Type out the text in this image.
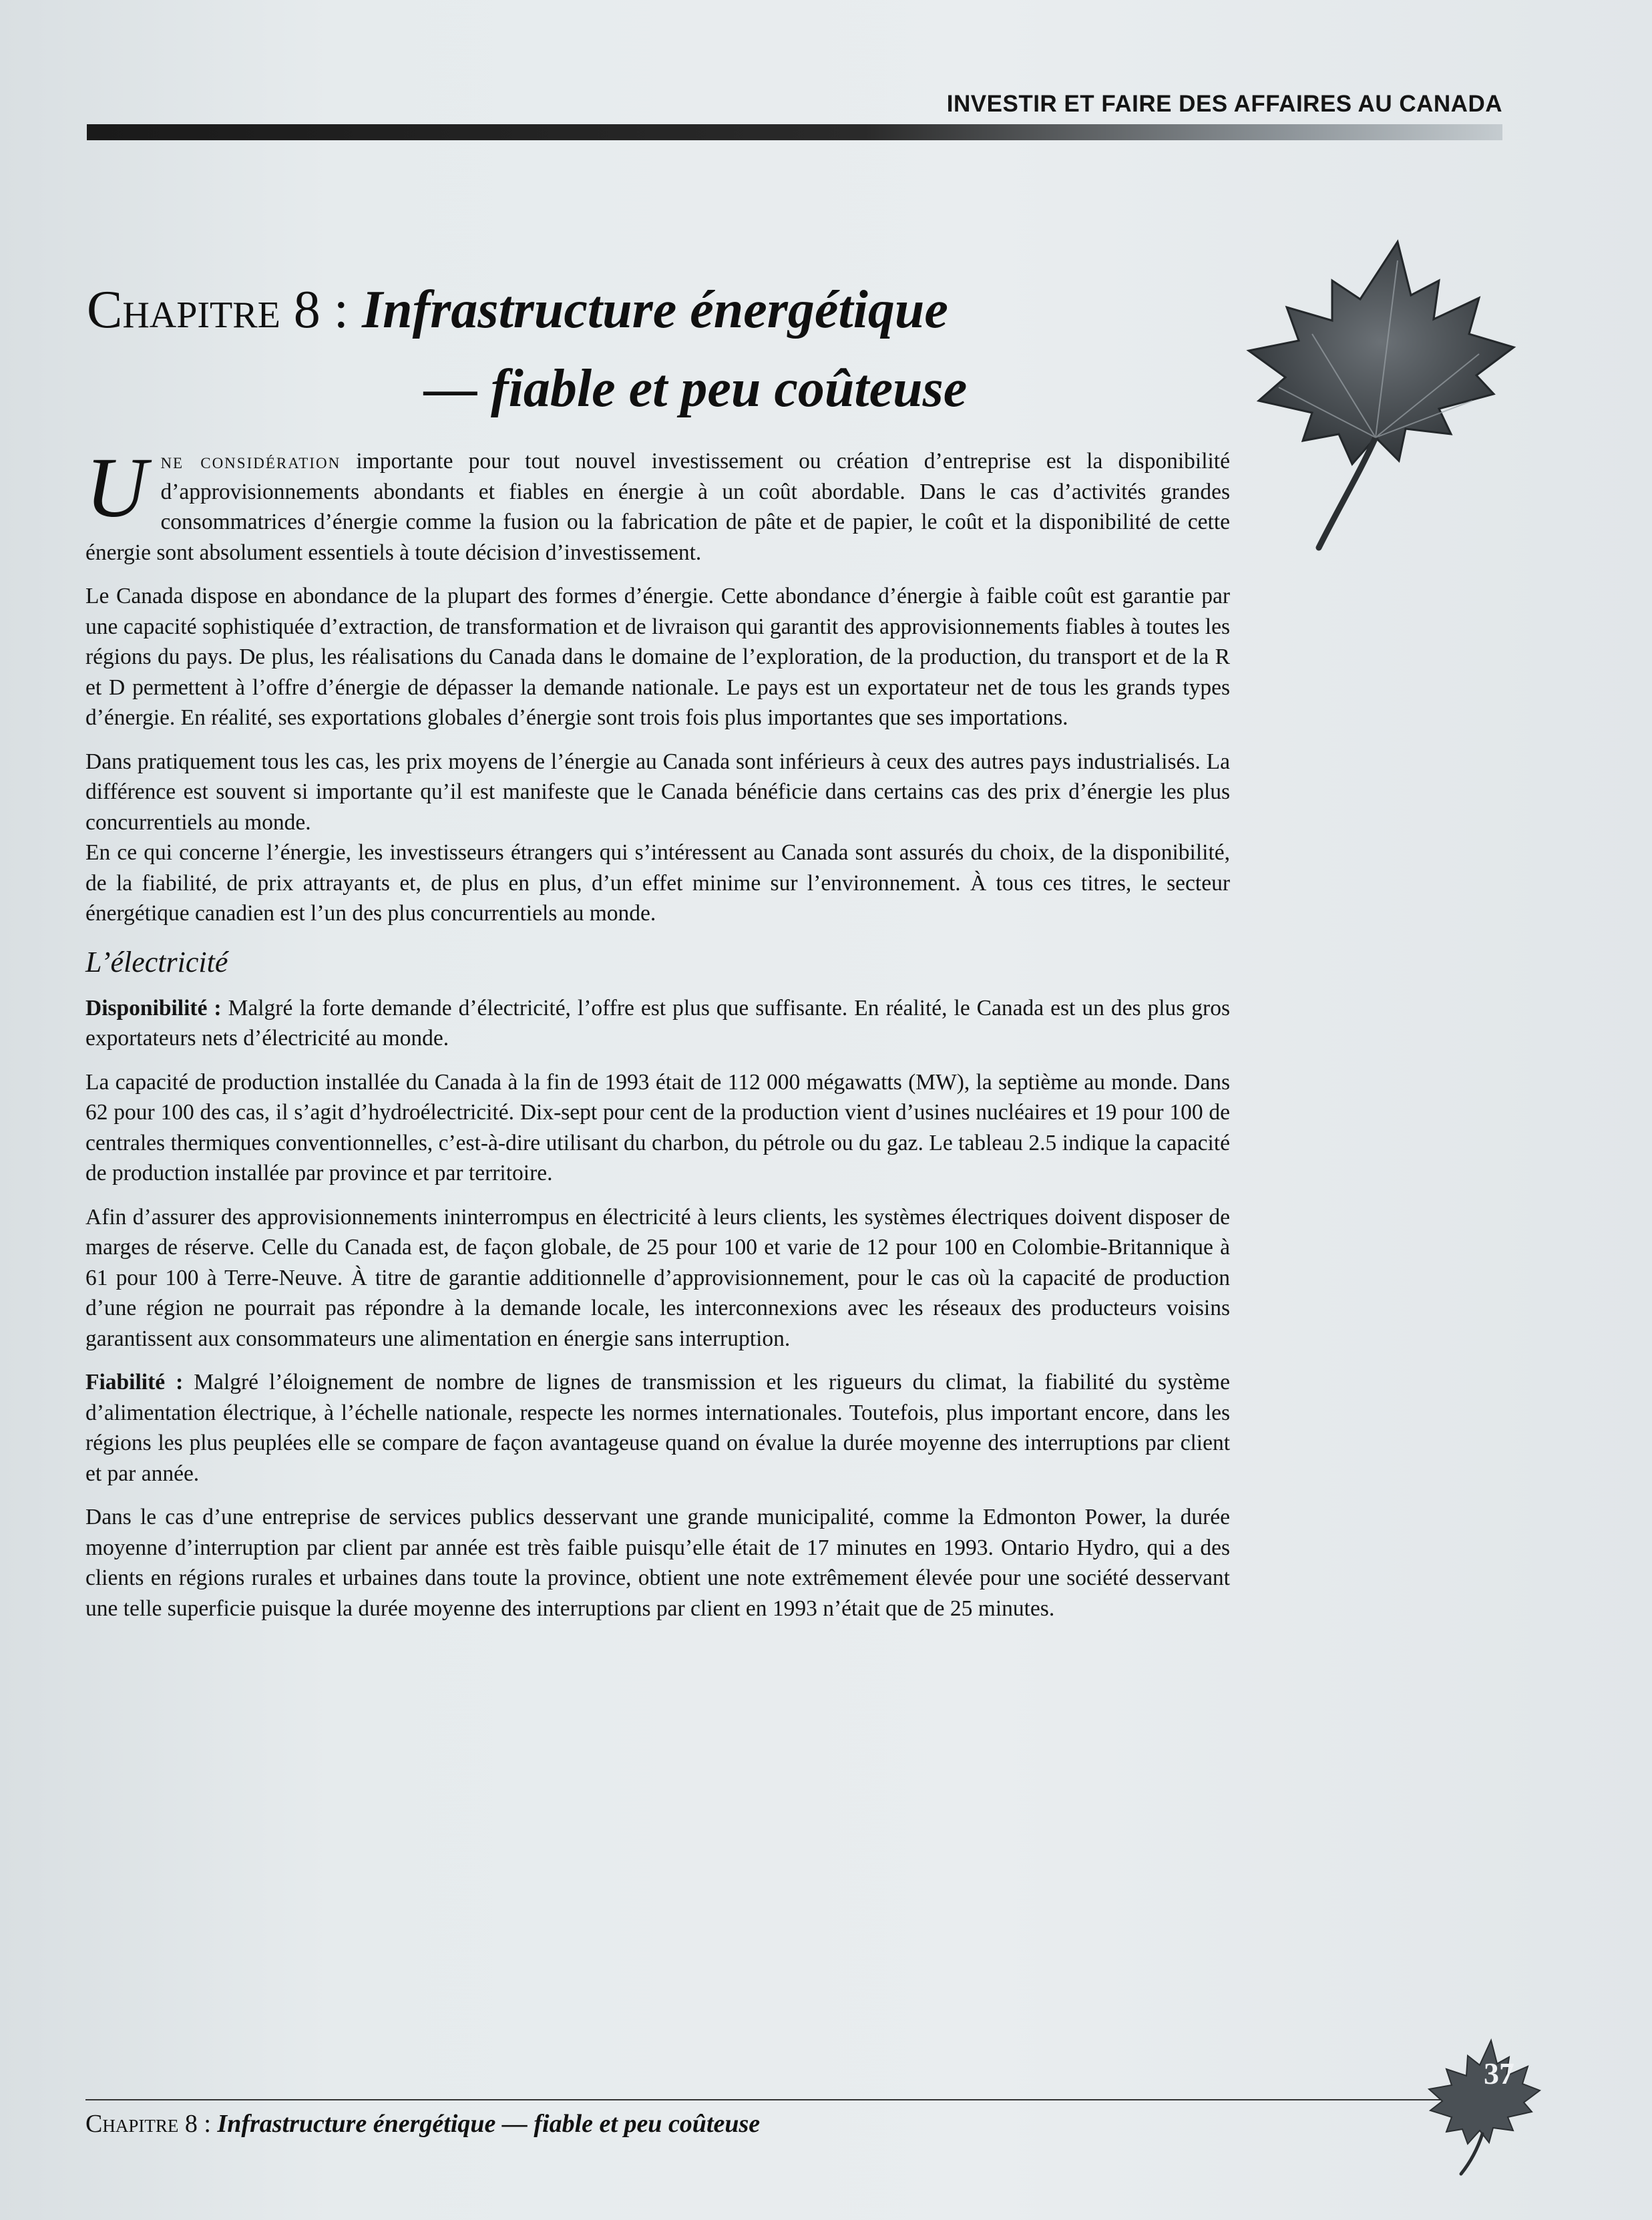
INVESTIR ET FAIRE DES AFFAIRES AU CANADA
Chapitre 8 : Infrastructure énergétique
— fiable et peu coûteuse

Une considération importante pour tout nouvel investissement ou création d’entreprise est la disponibilité d’approvisionnements abondants et fiables en énergie à un coût abordable. Dans le cas d’activités grandes consommatrices d’énergie comme la fusion ou la fabrication de pâte et de papier, le coût et la disponibilité de cette énergie sont absolument essentiels à toute décision d’investissement.

Le Canada dispose en abondance de la plupart des formes d’énergie. Cette abondance d’énergie à faible coût est garantie par une capacité sophistiquée d’extraction, de transformation et de livraison qui garantit des approvisionnements fiables à toutes les régions du pays. De plus, les réalisations du Canada dans le domaine de l’exploration, de la production, du transport et de la R et D permettent à l’offre d’énergie de dépasser la demande nationale. Le pays est un exportateur net de tous les grands types d’énergie. En réalité, ses exportations globales d’énergie sont trois fois plus importantes que ses importations.

Dans pratiquement tous les cas, les prix moyens de l’énergie au Canada sont inférieurs à ceux des autres pays industrialisés. La différence est souvent si importante qu’il est manifeste que le Canada bénéficie dans certains cas des prix d’énergie les plus concurrentiels au monde.

En ce qui concerne l’énergie, les investisseurs étrangers qui s’intéressent au Canada sont assurés du choix, de la disponibilité, de la fiabilité, de prix attrayants et, de plus en plus, d’un effet minime sur l’environnement. À tous ces titres, le secteur énergétique canadien est l’un des plus concurrentiels au monde.

L’électricité

Disponibilité : Malgré la forte demande d’électricité, l’offre est plus que suffisante. En réalité, le Canada est un des plus gros exportateurs nets d’électricité au monde.

La capacité de production installée du Canada à la fin de 1993 était de 112 000 mégawatts (MW), la septième au monde. Dans 62 pour 100 des cas, il s’agit d’hydroélectricité. Dix-sept pour cent de la production vient d’usines nucléaires et 19 pour 100 de centrales thermiques conventionnelles, c’est-à-dire utilisant du charbon, du pétrole ou du gaz. Le tableau 2.5 indique la capacité de production installée par province et par territoire.

Afin d’assurer des approvisionnements ininterrompus en électricité à leurs clients, les systèmes électriques doivent disposer de marges de réserve. Celle du Canada est, de façon globale, de 25 pour 100 et varie de 12 pour 100 en Colombie-Britannique à 61 pour 100 à Terre-Neuve. À titre de garantie additionnelle d’approvisionnement, pour le cas où la capacité de production d’une région ne pourrait pas répondre à la demande locale, les interconnexions avec les réseaux des producteurs voisins garantissent aux consommateurs une alimentation en énergie sans interruption.

Fiabilité : Malgré l’éloignement de nombre de lignes de transmission et les rigueurs du climat, la fiabilité du système d’alimentation électrique, à l’échelle nationale, respecte les normes internationales. Toutefois, plus important encore, dans les régions les plus peuplées elle se compare de façon avantageuse quand on évalue la durée moyenne des interruptions par client et par année.

Dans le cas d’une entreprise de services publics desservant une grande municipalité, comme la Edmonton Power, la durée moyenne d’interruption par client par année est très faible puisqu’elle était de 17 minutes en 1993. Ontario Hydro, qui a des clients en régions rurales et urbaines dans toute la province, obtient une note extrêmement élevée pour une société desservant une telle superficie puisque la durée moyenne des interruptions par client en 1993 n’était que de 25 minutes.

Chapitre 8 : Infrastructure énergétique — fiable et peu coûteuse
37
